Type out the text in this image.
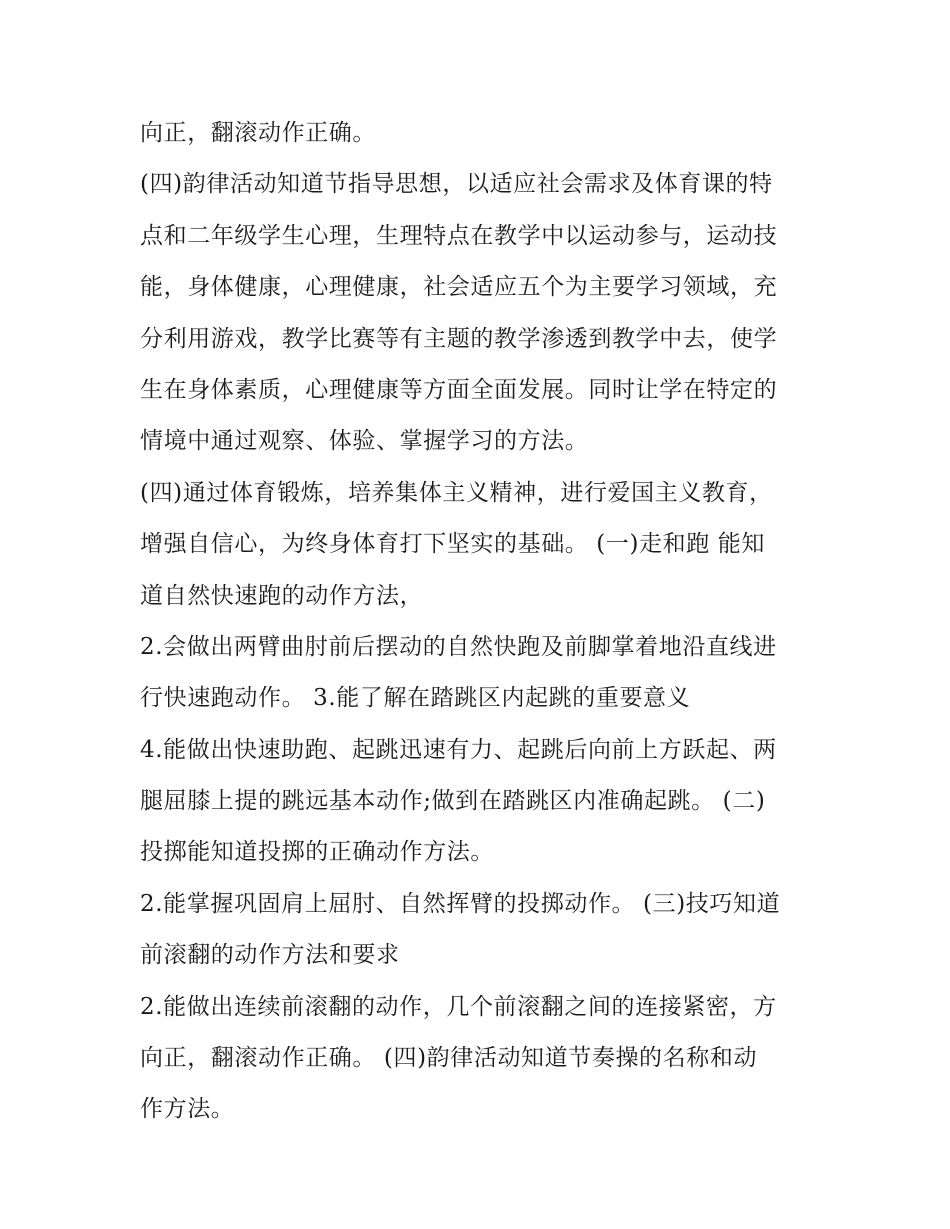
向正，翻滚动作正确。
(四)韵律活动知道节指导思想，以适应社会需求及体育课的特
点和二年级学生心理，生理特点在教学中以运动参与，运动技
能，身体健康，心理健康，社会适应五个为主要学习领域，充
分利用游戏，教学比赛等有主题的教学渗透到教学中去，使学
生在身体素质，心理健康等方面全面发展。同时让学在特定的
情境中通过观察、体验、掌握学习的方法。
(四)通过体育锻炼，培养集体主义精神，进行爱国主义教育，
增强自信心，为终身体育打下坚实的基础。 (一)走和跑 能知
道自然快速跑的动作方法，
2.会做出两臂曲肘前后摆动的自然快跑及前脚掌着地沿直线进
行快速跑动作。 3.能了解在踏跳区内起跳的重要意义
4.能做出快速助跑、起跳迅速有力、起跳后向前上方跃起、两
腿屈膝上提的跳远基本动作;做到在踏跳区内准确起跳。 (二)
投掷能知道投掷的正确动作方法。
2.能掌握巩固肩上屈肘、自然挥臂的投掷动作。 (三)技巧知道
前滚翻的动作方法和要求
2.能做出连续前滚翻的动作，几个前滚翻之间的连接紧密，方
向正，翻滚动作正确。 (四)韵律活动知道节奏操的名称和动
作方法。
